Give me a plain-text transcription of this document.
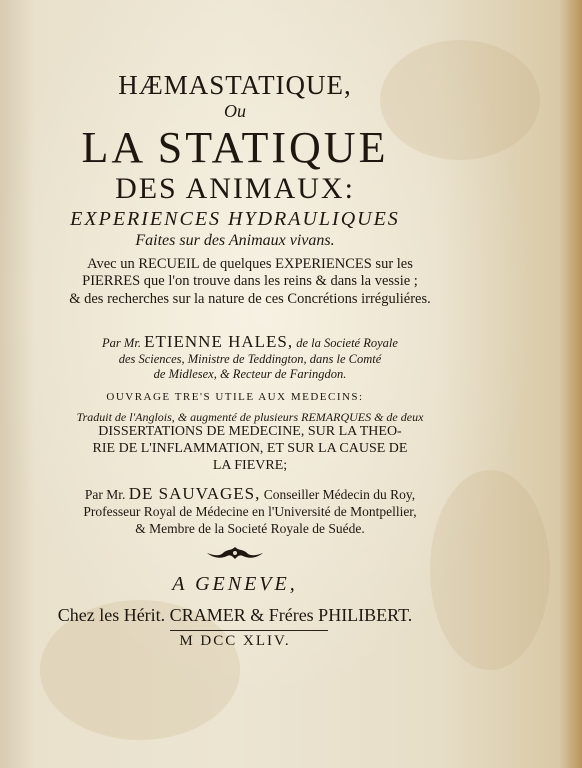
HÆMASTATIQUE,
Ou
LA STATIQUE
DES ANIMAUX:
EXPERIENCES HYDRAULIQUES
Faites sur des Animaux vivans.
Avec un RECUEIL de quelques EXPERIENCES sur les
PIERRES que l'on trouve dans les reins & dans la vessie ;
& des recherches sur la nature de ces Concrétions irréguliéres.
Par Mr. ETIENNE HALES, de la Societé Royale
des Sciences, Ministre de Teddington, dans le Comté
de Midlesex, & Recteur de Faringdon.
OUVRAGE TRE'S UTILE AUX MEDECINS:
Traduit de l'Anglois, & augmenté de plusieurs REMARQUES & de deux
DISSERTATIONS DE MEDECINE, SUR LA THEO-
RIE DE L'INFLAMMATION, ET SUR LA CAUSE DE
LA FIEVRE;
Par Mr. DE SAUVAGES, Conseiller Médecin du Roy,
Professeur Royal de Médecine en l'Université de Montpellier,
& Membre de la Societé Royale de Suéde.
A GENEVE,
Chez les Hérit. CRAMER & Fréres PHILIBERT.
M DCC XLIV.
